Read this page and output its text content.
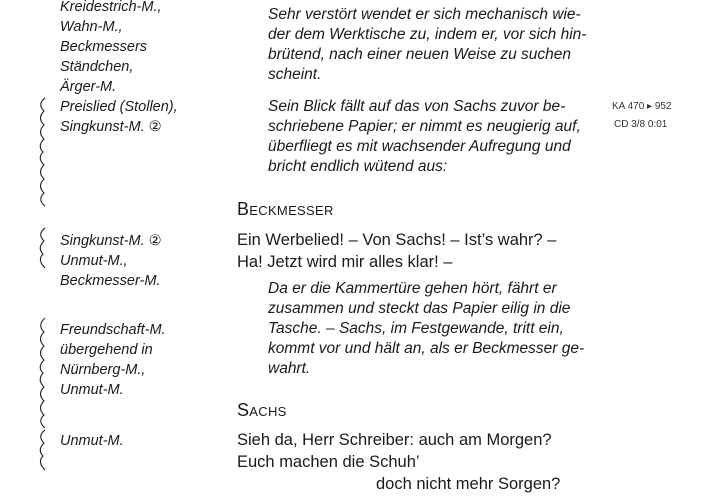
Kreidestrich-M.,
Wahn-M.,
Beckmessers
Ständchen,
Ärger-M.
Preislied (Stollen),
Singkunst-M. ②
Singkunst-M. ②
Unmut-M.,
Beckmesser-M.
Freundschaft-M.
übergehend in
Nürnberg-M.,
Unmut-M.
Unmut-M.
Sehr verstört wendet er sich mechanisch wie-
der dem Werktische zu, indem er, vor sich hin-
brütend, nach einer neuen Weise zu suchen
scheint.
Sein Blick fällt auf das von Sachs zuvor be-
schriebene Papier; er nimmt es neugierig auf,
überfliegt es mit wachsender Aufregung und
bricht endlich wütend aus:
KA 470 ▸ 952
CD 3/8 0:01
Beckmesser
Ein Werbelied! – Von Sachs! – Ist’s wahr? –
Ha! Jetzt wird mir alles klar! –
Da er die Kammertüre gehen hört, fährt er
zusammen und steckt das Papier eilig in die
Tasche. – Sachs, im Festgewande, tritt ein,
kommt vor und hält an, als er Beckmesser ge-
wahrt.
Sachs
Sieh da, Herr Schreiber: auch am Morgen?
Euch machen die Schuh’
doch nicht mehr Sorgen?
